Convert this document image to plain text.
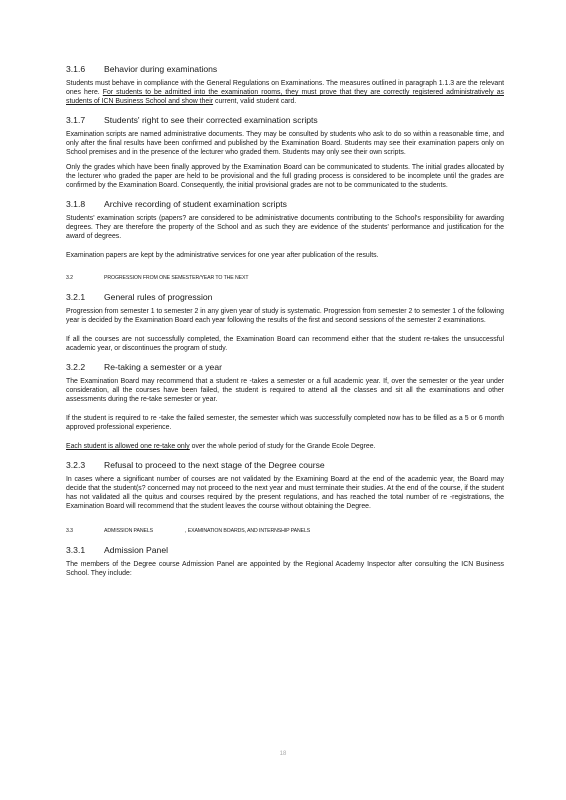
3.1.6 Behavior during examinations

Students must behave in compliance with the General Regulations on Examinations. The measures outlined in paragraph 1.1.3 are the relevant ones here. For students to be admitted into the examination rooms, they must prove that they are correctly registered administratively as students of ICN Business School and show their current, valid student card.

3.1.7 Students' right to see their corrected examination scripts

Examination scripts are named administrative documents. They may be consulted by students who ask to do so within a reasonable time, and only after the final results have been confirmed and published by the Examination Board. Students may see their examination papers only on School premises and in the presence of the lecturer who graded them. Students may only see their own scripts.

Only the grades which have been finally approved by the Examination Board can be communicated to students. The initial grades allocated by the lecturer who graded the paper are held to be provisional and the full grading process is considered to be incomplete until the grades are confirmed by the Examination Board. Consequently, the initial provisional grades are not to be communicated to the students.

3.1.8 Archive recording of student examination scripts

Students' examination scripts (papers? are considered to be administrative documents contributing to the School's responsibility for awarding degrees. They are therefore the property of the School and as such they are evidence of the students' performance and justification for the award of degrees.

Examination papers are kept by the administrative services for one year after publication of the results.

3.2	PROGRESSION FROM ONE SEMESTER/YEAR TO THE NEXT
3.2.1 General rules of progression

Progression from semester 1 to semester 2 in any given year of study is systematic. Progression from semester 2 to semester 1 of the following year is decided by the Examination Board each year following the results of the first and second sessions of the semester 2 examinations.

If all the courses are not successfully completed, the Examination Board can recommend either that the student re-takes the unsuccessful academic year, or discontinues the program of study.

3.2.2 Re-taking a semester or a year

The Examination Board may recommend that a student re -takes a semester or a full academic year. If, over the semester or the year under consideration, all the courses have been failed, the student is required to attend all the classes and sit all the examinations and other assessments during the re-take semester or year.

If the student is required to re -take the failed semester, the semester which was successfully completed now has to be filled as a 5 or 6 month approved professional experience.

Each student is allowed one re-take only over the whole period of study for the Grande Ecole Degree.

3.2.3 Refusal to proceed to the next stage of the Degree course

In cases where a significant number of courses are not validated by the Examining Board at the end of the academic year, the Board may decide that the student(s? concerned may not proceed to the next year and must terminate their studies. At the end of the course, if the student has not validated all the quitus and courses required by the present regulations, and has reached the total number of re -registrations, the Examination Board will recommend that the student leaves the course without obtaining the Degree.

3.3	ADMISSION PANELS	, EXAMINATION BOARDS, AND INTERNSHIP PANELS
3.3.1 Admission Panel

The members of the Degree course Admission Panel are appointed by the Regional Academy Inspector after consulting the ICN Business School. They include:

18
